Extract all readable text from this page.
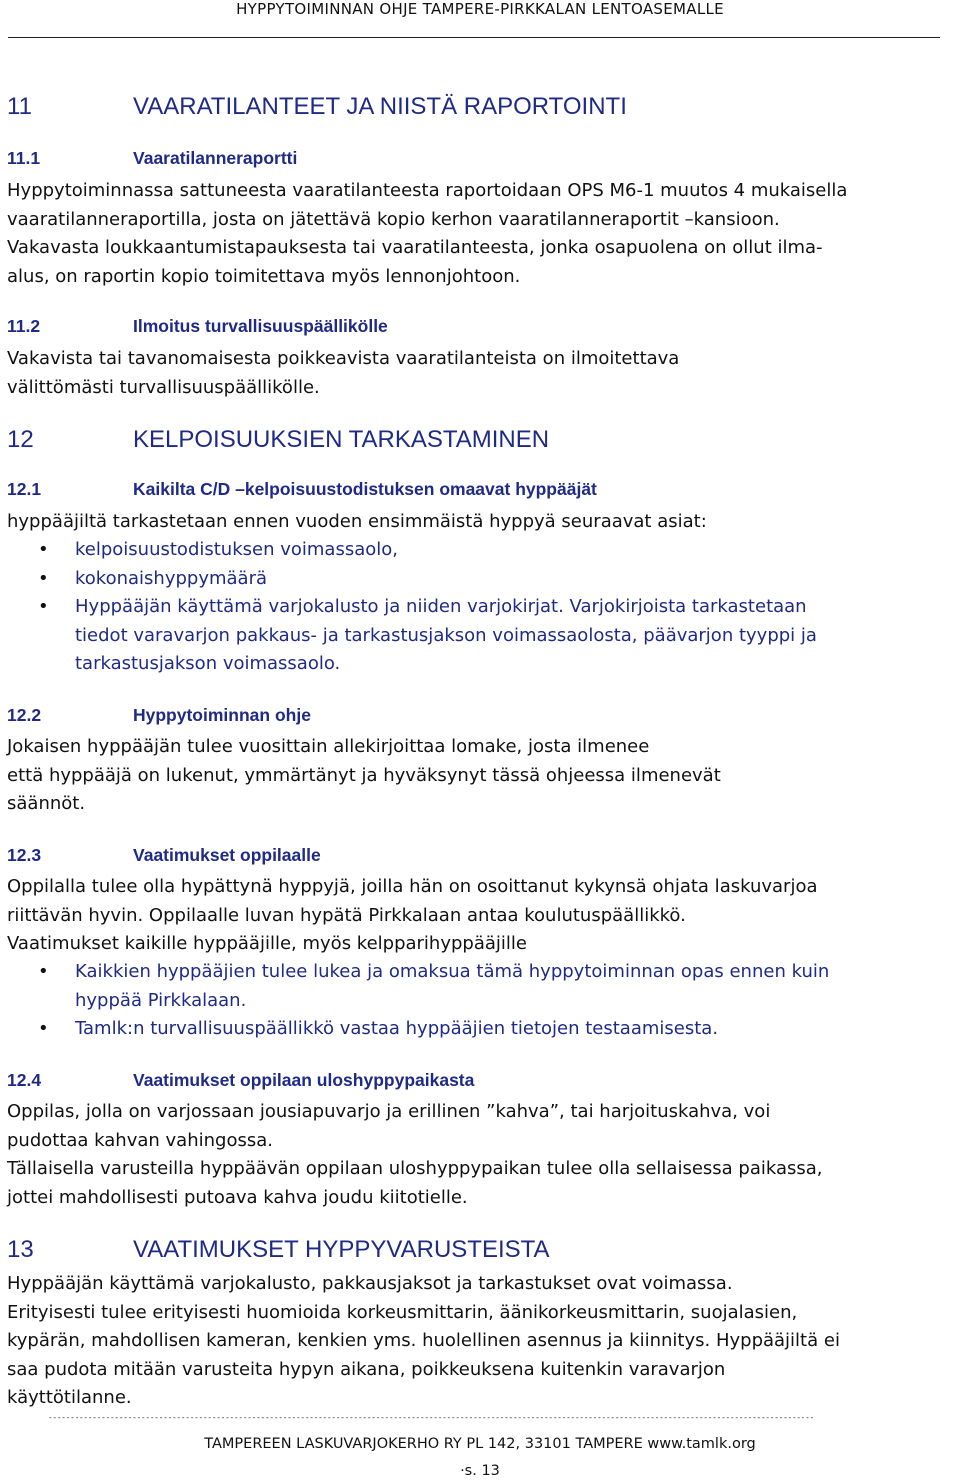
HYPPYTOIMINNAN OHJE TAMPERE-PIRKKALAN LENTOASEMALLE
11	VAARATILANTEET JA NIISTÄ RAPORTOINTI
11.1	Vaaratilanneraportti
Hyppytoiminnassa sattuneesta vaaratilanteesta raportoidaan OPS M6-1 muutos 4 mukaisella
vaaratilanneraportilla, josta on jätettävä kopio kerhon vaaratilanneraportit –kansioon.
Vakavasta loukkaantumistapauksesta tai vaaratilanteesta, jonka osapuolena on ollut ilma-
alus, on raportin kopio toimitettava myös lennonjohtoon.
11.2	Ilmoitus turvallisuuspäällikölle
Vakavista tai tavanomaisesta poikkeavista vaaratilanteista on ilmoitettava
välittömästi turvallisuuspäällikölle.
12	KELPOISUUKSIEN TARKASTAMINEN
12.1	Kaikilta C/D –kelpoisuustodistuksen omaavat hyppääjät
hyppääjiltä tarkastetaan ennen vuoden ensimmäistä hyppyä seuraavat asiat:
• kelpoisuustodistuksen voimassaolo,
• kokonaishyppymäärä
• Hyppääjän käyttämä varjokalusto ja niiden varjokirjat. Varjokirjoista tarkastetaan
tiedot varavarjon pakkaus- ja tarkastusjakson voimassaolosta, päävarjon tyyppi ja
tarkastusjakson voimassaolo.
12.2	Hyppytoiminnan ohje
Jokaisen hyppääjän tulee vuosittain allekirjoittaa lomake, josta ilmenee
että hyppääjä on lukenut, ymmärtänyt ja hyväksynyt tässä ohjeessa ilmenevät
säännöt.
12.3	Vaatimukset oppilaalle
Oppilalla tulee olla hypättynä hyppyjä, joilla hän on osoittanut kykynsä ohjata laskuvarjoa
riittävän hyvin. Oppilaalle luvan hypätä Pirkkalaan antaa koulutuspäällikkö.
Vaatimukset kaikille hyppääjille, myös kelpparihyppääjille
• Kaikkien hyppääjien tulee lukea ja omaksua tämä hyppytoiminnan opas ennen kuin
hyppää Pirkkalaan.
• Tamlk:n turvallisuuspäällikkö vastaa hyppääjien tietojen testaamisesta.
12.4	Vaatimukset oppilaan uloshyppypaikasta
Oppilas, jolla on varjossaan jousiapuvarjo ja erillinen ”kahva”, tai harjoituskahva, voi
pudottaa kahvan vahingossa.
Tällaisella varusteilla hyppäävän oppilaan uloshyppypaikan tulee olla sellaisessa paikassa,
jottei mahdollisesti putoava kahva joudu kiitotielle.
13	VAATIMUKSET HYPPYVARUSTEISTA
Hyppääjän käyttämä varjokalusto, pakkausjaksot ja tarkastukset ovat voimassa.
Erityisesti tulee erityisesti huomioida korkeusmittarin, äänikorkeusmittarin, suojalasien,
kypärän, mahdollisen kameran, kenkien yms. huolellinen asennus ja kiinnitys. Hyppääjiltä ei
saa pudota mitään varusteita hypyn aikana, poikkeuksena kuitenkin varavarjon
käyttötilanne.
-----------------------------------------------------------------------------------------------------------------------------------------------------------------------------
TAMPEREEN LASKUVARJOKERHO RY PL 142, 33101 TAMPERE www.tamlk.org
·s. 13
